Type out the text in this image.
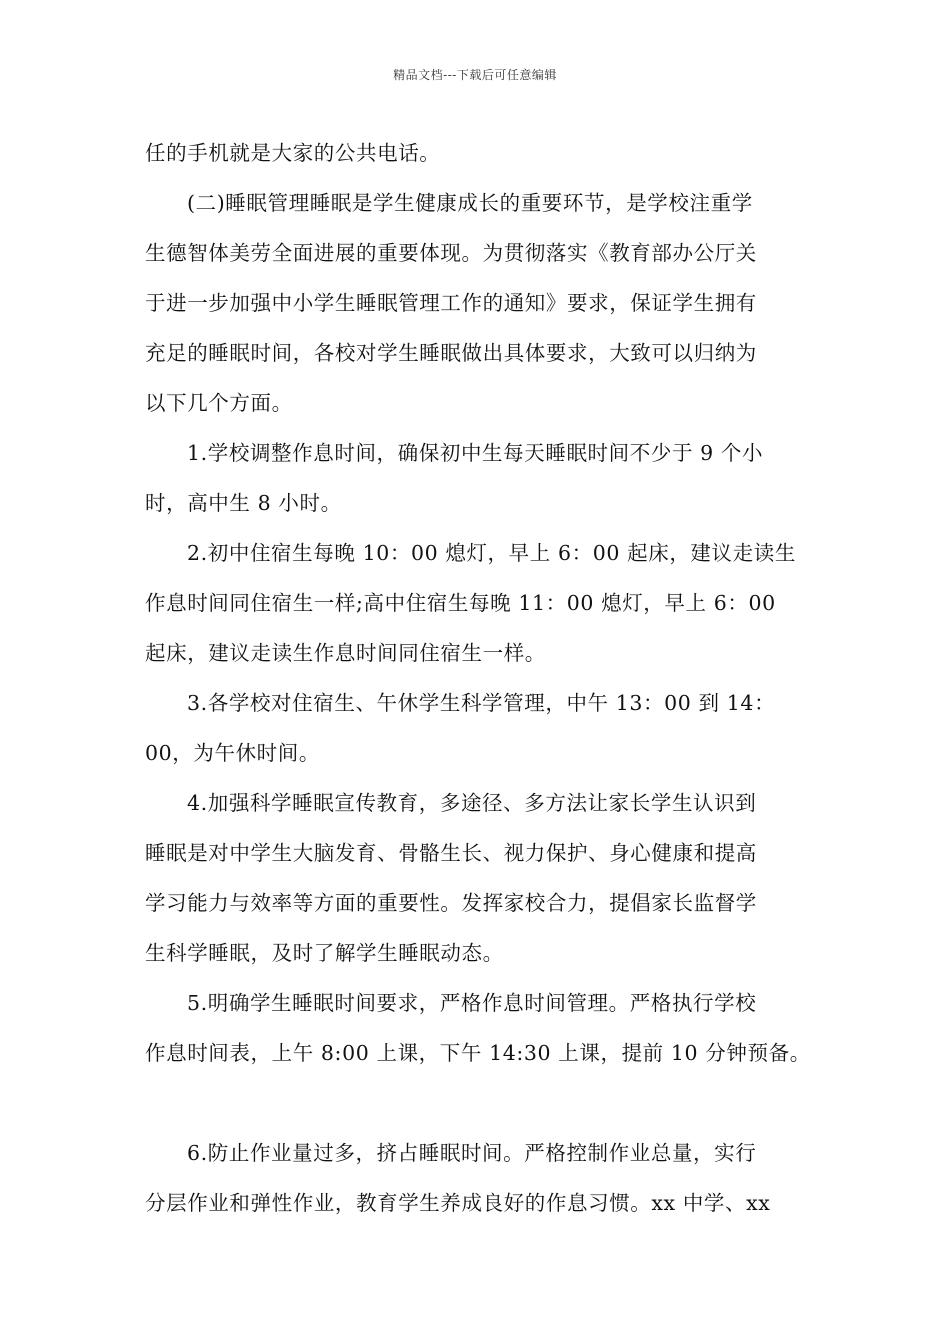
精品文档---下载后可任意编辑
任的手机就是大家的公共电话。
(二)睡眠管理睡眠是学生健康成长的重要环节，是学校注重学
生德智体美劳全面进展的重要体现。为贯彻落实《教育部办公厅关
于进一步加强中小学生睡眠管理工作的通知》要求，保证学生拥有
充足的睡眠时间，各校对学生睡眠做出具体要求，大致可以归纳为
以下几个方面。
1.学校调整作息时间，确保初中生每天睡眠时间不少于 9 个小
时，高中生 8 小时。
2.初中住宿生每晚 10：00 熄灯，早上 6：00 起床，建议走读生
作息时间同住宿生一样;高中住宿生每晚 11：00 熄灯，早上 6：00
起床，建议走读生作息时间同住宿生一样。
3.各学校对住宿生、午休学生科学管理，中午 13：00 到 14：
00，为午休时间。
4.加强科学睡眠宣传教育，多途径、多方法让家长学生认识到
睡眠是对中学生大脑发育、骨骼生长、视力保护、身心健康和提高
学习能力与效率等方面的重要性。发挥家校合力，提倡家长监督学
生科学睡眠，及时了解学生睡眠动态。
5.明确学生睡眠时间要求，严格作息时间管理。严格执行学校
作息时间表，上午 8:00 上课，下午 14:30 上课，提前 10 分钟预备。
6.防止作业量过多，挤占睡眠时间。严格控制作业总量，实行
分层作业和弹性作业，教育学生养成良好的作息习惯。xx 中学、xx
